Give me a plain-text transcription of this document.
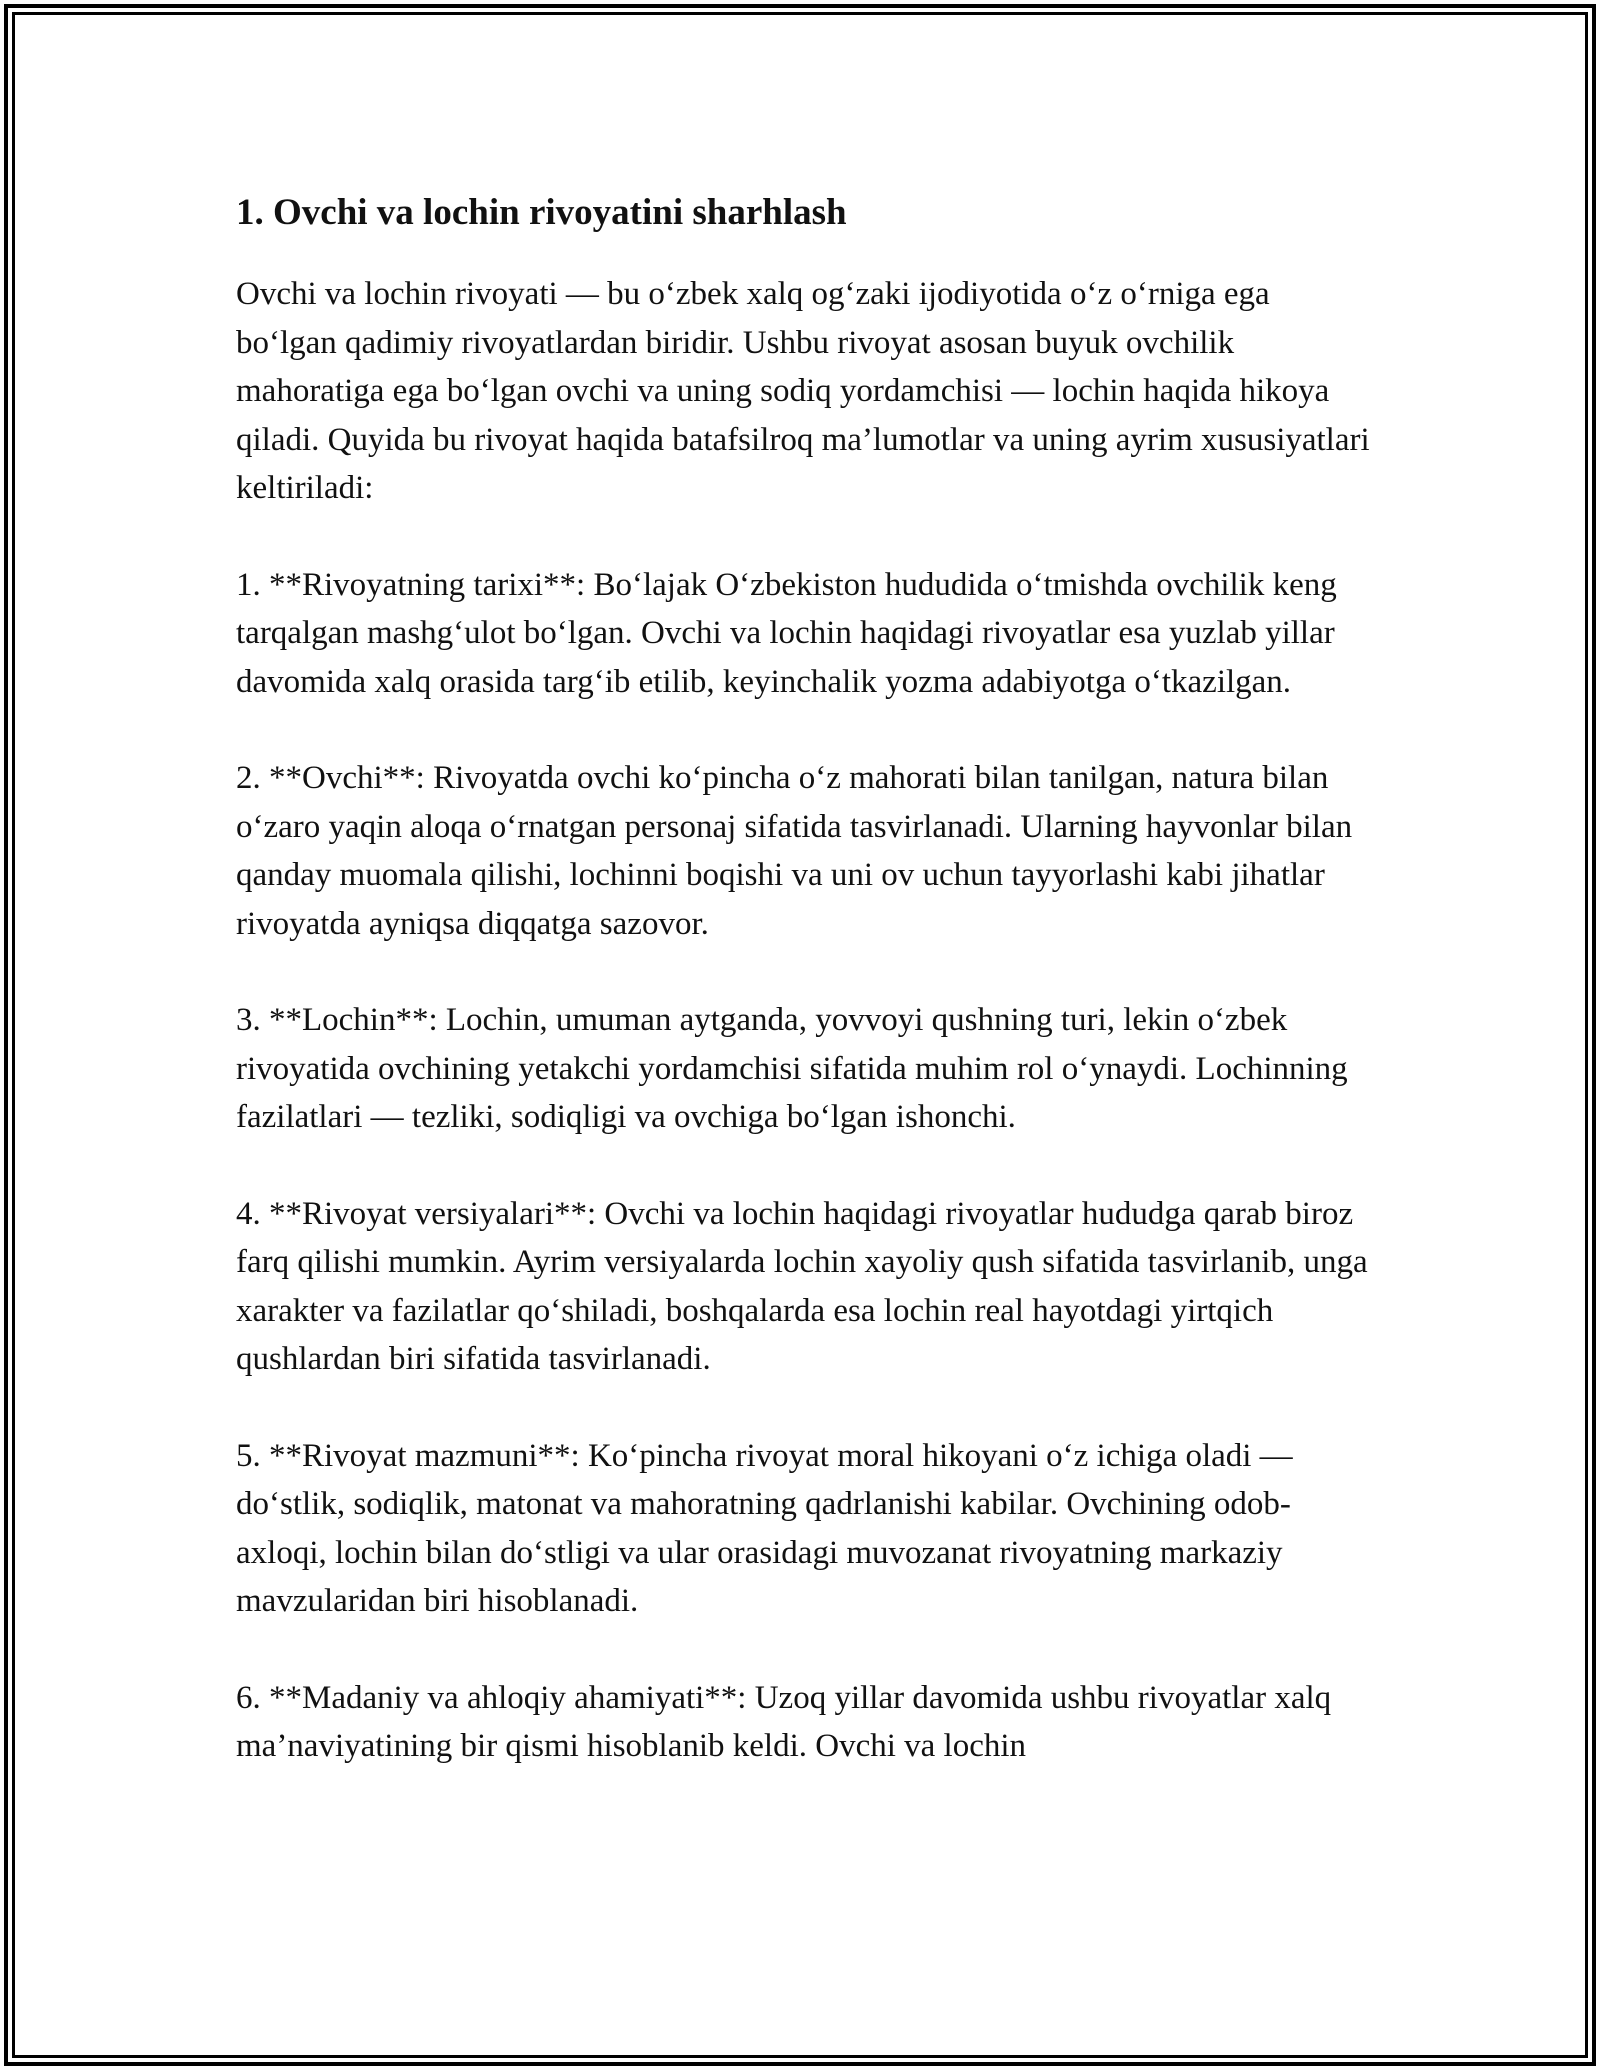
1. Ovchi va lochin rivoyatini sharhlash

Ovchi va lochin rivoyati — bu o‘zbek xalq og‘zaki ijodiyotida o‘z o‘rniga ega bo‘lgan qadimiy rivoyatlardan biridir. Ushbu rivoyat asosan buyuk ovchilik mahoratiga ega bo‘lgan ovchi va uning sodiq yordamchisi — lochin haqida hikoya qiladi. Quyida bu rivoyat haqida batafsilroq ma’lumotlar va uning ayrim xususiyatlari keltiriladi:

1. **Rivoyatning tarixi**: Bo‘lajak O‘zbekiston hududida o‘tmishda ovchilik keng tarqalgan mashg‘ulot bo‘lgan. Ovchi va lochin haqidagi rivoyatlar esa yuzlab yillar davomida xalq orasida targ‘ib etilib, keyinchalik yozma adabiyotga o‘tkazilgan.

2. **Ovchi**: Rivoyatda ovchi ko‘pincha o‘z mahorati bilan tanilgan, natura bilan o‘zaro yaqin aloqa o‘rnatgan personaj sifatida tasvirlanadi. Ularning hayvonlar bilan qanday muomala qilishi, lochinni boqishi va uni ov uchun tayyorlashi kabi jihatlar rivoyatda ayniqsa diqqatga sazovor.

3. **Lochin**: Lochin, umuman aytganda, yovvoyi qushning turi, lekin o‘zbek rivoyatida ovchining yetakchi yordamchisi sifatida muhim rol o‘ynaydi. Lochinning fazilatlari — tezliki, sodiqligi va ovchiga bo‘lgan ishonchi.

4. **Rivoyat versiyalari**: Ovchi va lochin haqidagi rivoyatlar hududga qarab biroz farq qilishi mumkin. Ayrim versiyalarda lochin xayoliy qush sifatida tasvirlanib, unga xarakter va fazilatlar qo‘shiladi, boshqalarda esa lochin real hayotdagi yirtqich qushlardan biri sifatida tasvirlanadi.

5. **Rivoyat mazmuni**: Ko‘pincha rivoyat moral hikoyani o‘z ichiga oladi — do‘stlik, sodiqlik, matonat va mahoratning qadrlanishi kabilar. Ovchining odob-axloqi, lochin bilan do‘stligi va ular orasidagi muvozanat rivoyatning markaziy mavzularidan biri hisoblanadi.

6. **Madaniy va ahloqiy ahamiyati**: Uzoq yillar davomida ushbu rivoyatlar xalq ma’naviyatining bir qismi hisoblanib keldi. Ovchi va lochin
